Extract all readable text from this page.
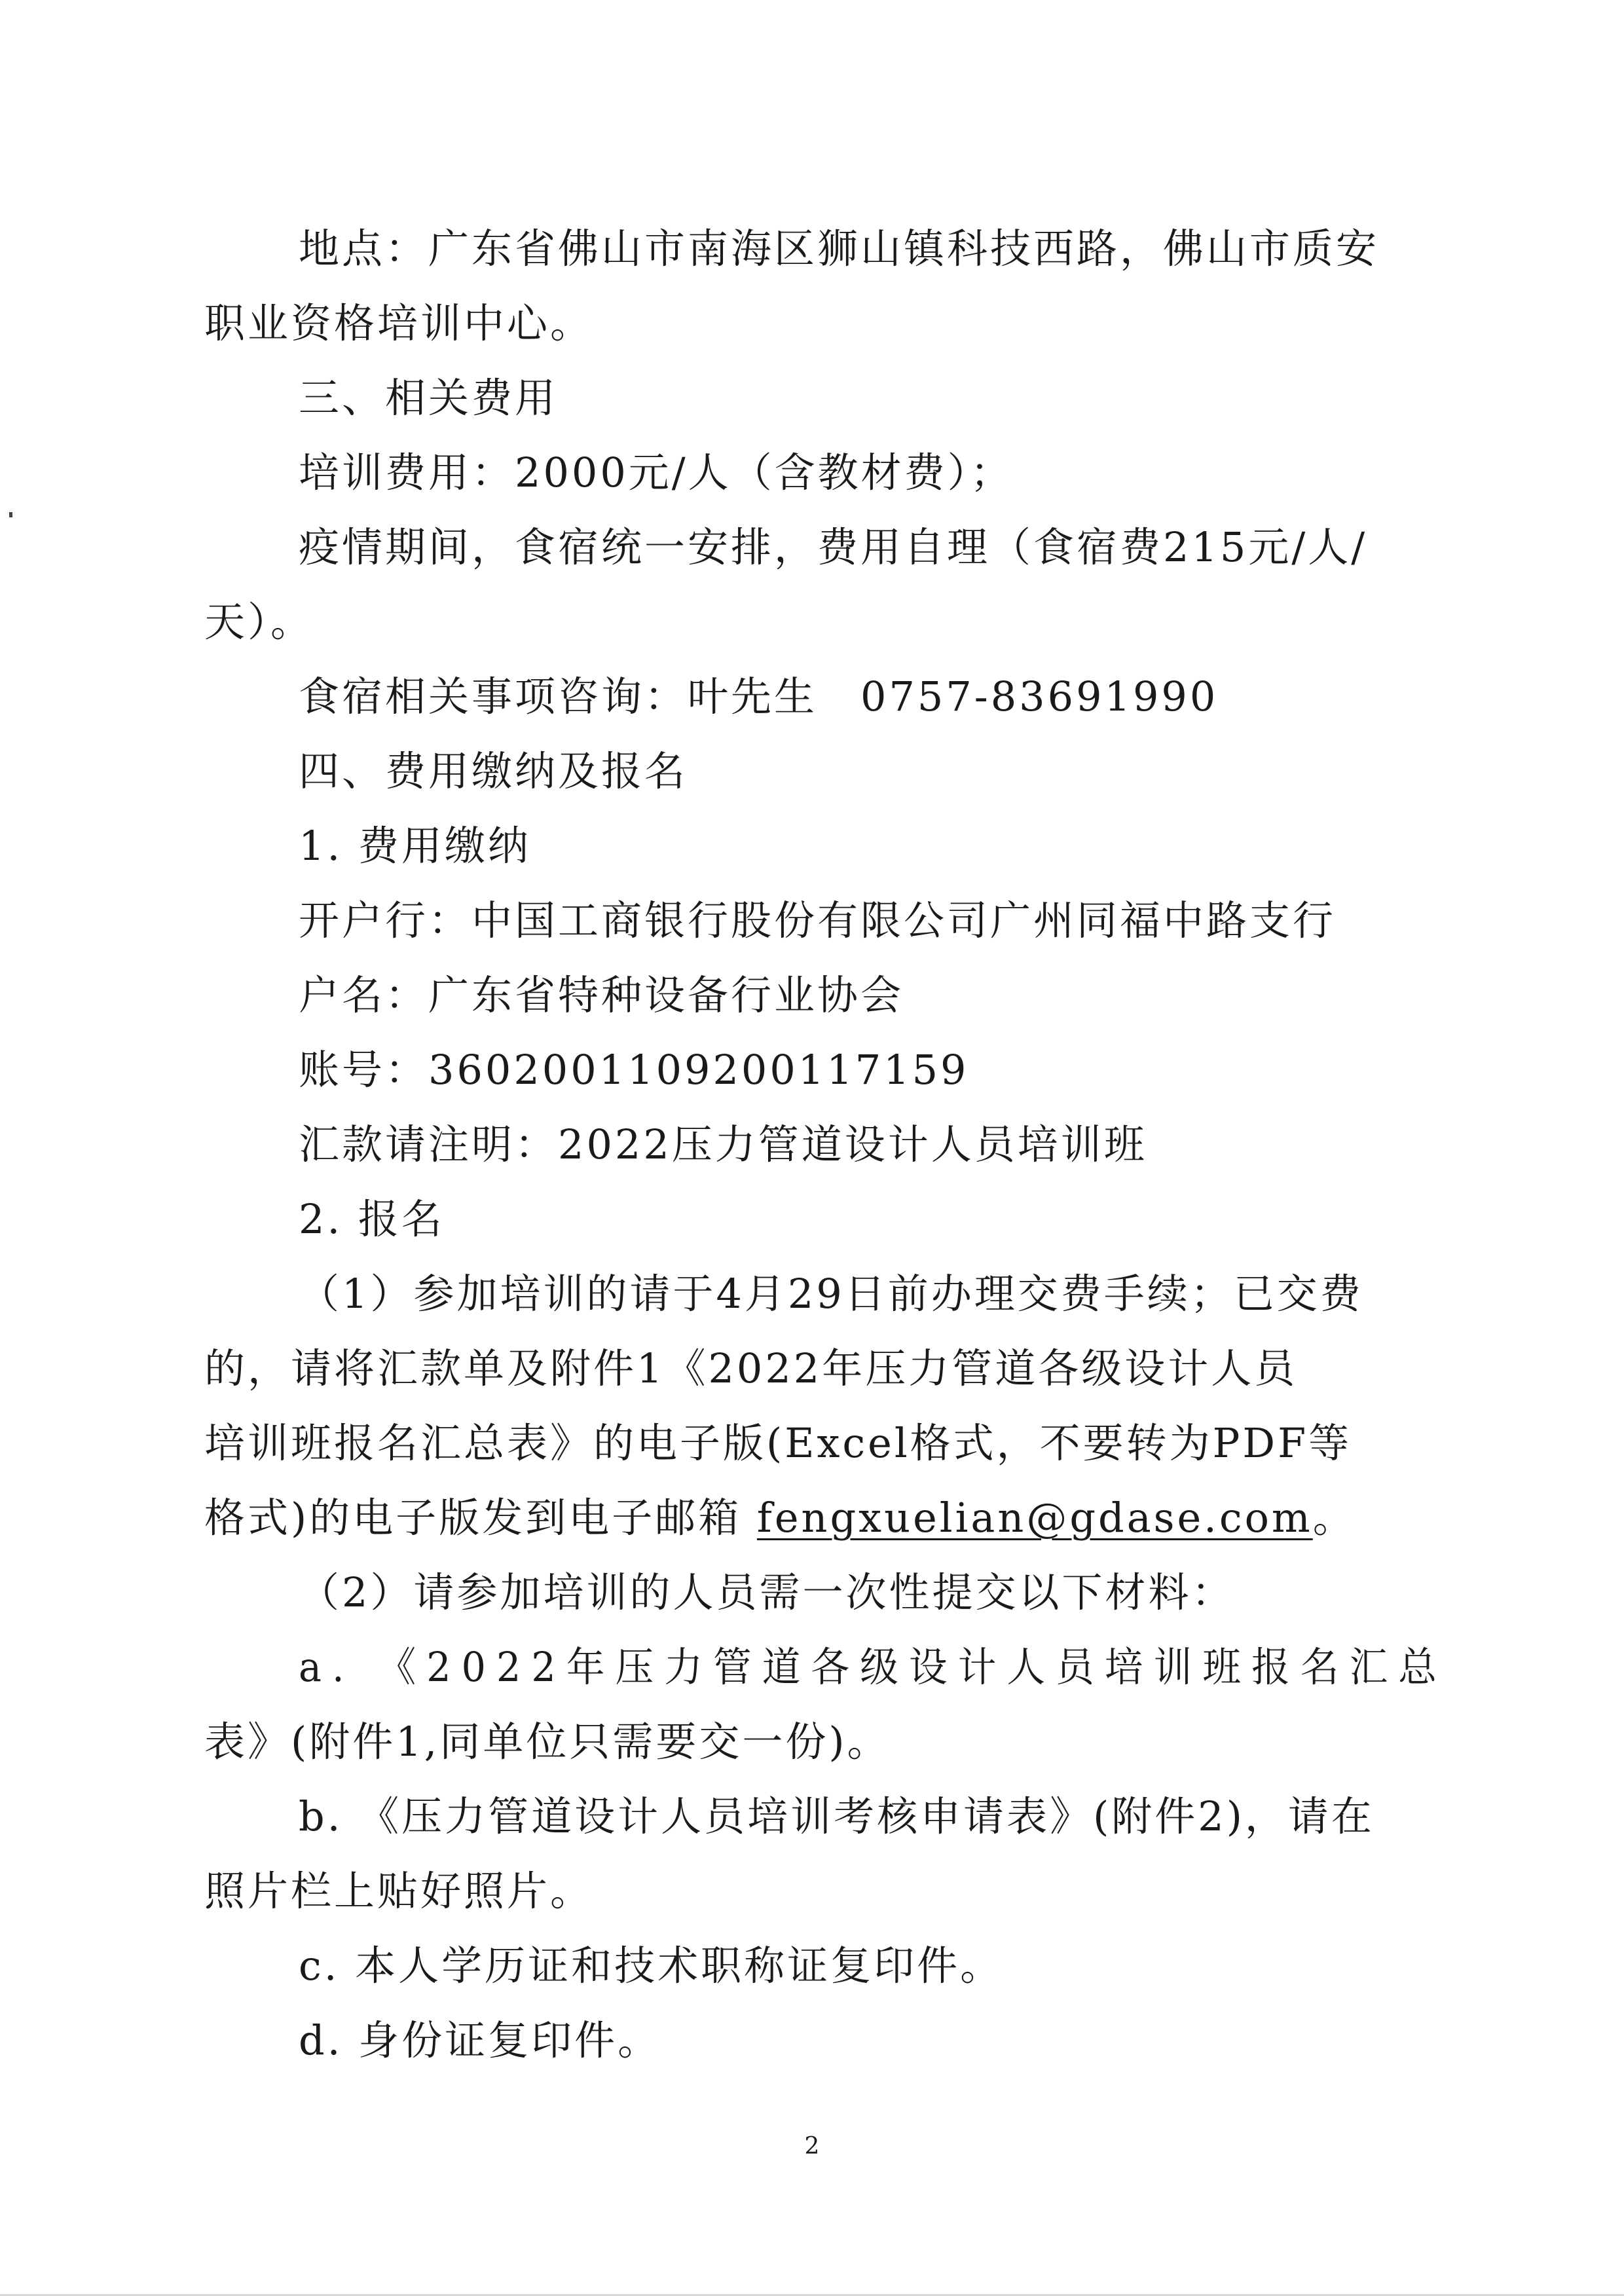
地点：广东省佛山市南海区狮山镇科技西路，佛山市质安
职业资格培训中心。
三、相关费用
培训费用：2000元/人（含教材费）；
疫情期间，食宿统一安排，费用自理（食宿费215元/人/
天）。
食宿相关事项咨询：叶先生　0757-83691990
四、费用缴纳及报名
1. 费用缴纳
开户行：中国工商银行股份有限公司广州同福中路支行
户名：广东省特种设备行业协会
账号：3602001109200117159
汇款请注明：2022压力管道设计人员培训班
2. 报名
（1）参加培训的请于4月29日前办理交费手续；已交费
的，请将汇款单及附件1《2022年压力管道各级设计人员
培训班报名汇总表》的电子版(Excel格式，不要转为PDF等
格式)的电子版发到电子邮箱 fengxuelian@gdase.com。
（2）请参加培训的人员需一次性提交以下材料：
a. 《2022年压力管道各级设计人员培训班报名汇总
表》(附件1,同单位只需要交一份)。
b. 《压力管道设计人员培训考核申请表》(附件2)，请在
照片栏上贴好照片。
c. 本人学历证和技术职称证复印件。
d. 身份证复印件。
2
